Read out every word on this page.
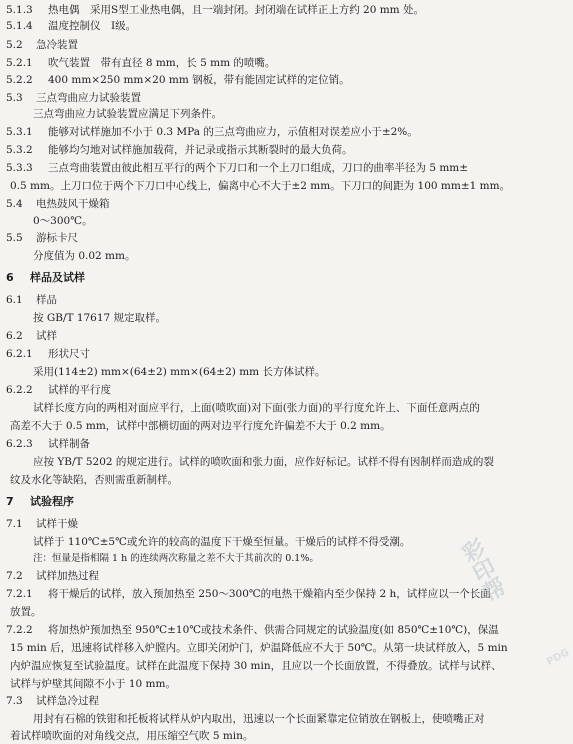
5.1.3 热电偶　采用S型工业热电偶，且一端封闭。封闭端在试样正上方约 20 mm 处。
5.1.4 温度控制仪　Ⅰ级。
5.2 急冷装置
5.2.1 吹气装置　带有直径 8 mm，长 5 mm 的喷嘴。
5.2.2 400 mm×250 mm×20 mm 钢板，带有能固定试样的定位销。
5.3 三点弯曲应力试验装置
三点弯曲应力试验装置应满足下列条件。
5.3.1 能够对试样施加不小于 0.3 MPa 的三点弯曲应力，示值相对误差应小于±2%。
5.3.2 能够均匀地对试样施加载荷，并记录或指示其断裂时的最大负荷。
5.3.3 三点弯曲装置由彼此相互平行的两个下刀口和一个上刀口组成，刀口的曲率半径为 5 mm±
0.5 mm。上刀口位于两个下刀口中心线上，偏离中心不大于±2 mm。下刀口的间距为 100 mm±1 mm。
5.4 电热鼓风干燥箱
0～300℃。
5.5 游标卡尺
分度值为 0.02 mm。
6 样品及试样
6.1 样品
按 GB/T 17617 规定取样。
6.2 试样
6.2.1 形状尺寸
采用(114±2) mm×(64±2) mm×(64±2) mm 长方体试样。
6.2.2 试样的平行度
试样长度方向的两相对面应平行，上面(喷吹面)对下面(张力面)的平行度允许上、下面任意两点的
高差不大于 0.5 mm，试样中部横切面的两对边平行度允许偏差不大于 0.2 mm。
6.2.3 试样制备
应按 YB/T 5202 的规定进行。试样的喷吹面和张力面，应作好标记。试样不得有因制样而造成的裂
纹及水化等缺陷，否则需重新制样。
7 试验程序
7.1 试样干燥
试样于 110℃±5℃或允许的较高的温度下干燥至恒量。干燥后的试样不得受潮。
注：恒量是指相隔 1 h 的连续两次称量之差不大于其前次的 0.1%。
7.2 试样加热过程
7.2.1 将干燥后的试样，放入预加热至 250～300℃的电热干燥箱内至少保持 2 h，试样应以一个长面
放置。
7.2.2 将加热炉预加热至 950℃±10℃或技术条件、供需合同规定的试验温度(如 850℃±10℃)，保温
15 min 后，迅速将试样移入炉膛内。立即关闭炉门，炉温降低应不大于 50℃。从第一块试样放入，5 min
内炉温应恢复至试验温度。试样在此温度下保持 30 min，且应以一个长面放置，不得叠放。试样与试样、
试样与炉壁其间隙不小于 10 mm。
7.3 试样急冷过程
用封有石棉的铁钳和托板将试样从炉内取出，迅速以一个长面紧靠定位销放在钢板上，使喷嘴正对
着试样喷吹面的对角线交点，用压缩空气吹 5 min。
彩印帮
PDG
